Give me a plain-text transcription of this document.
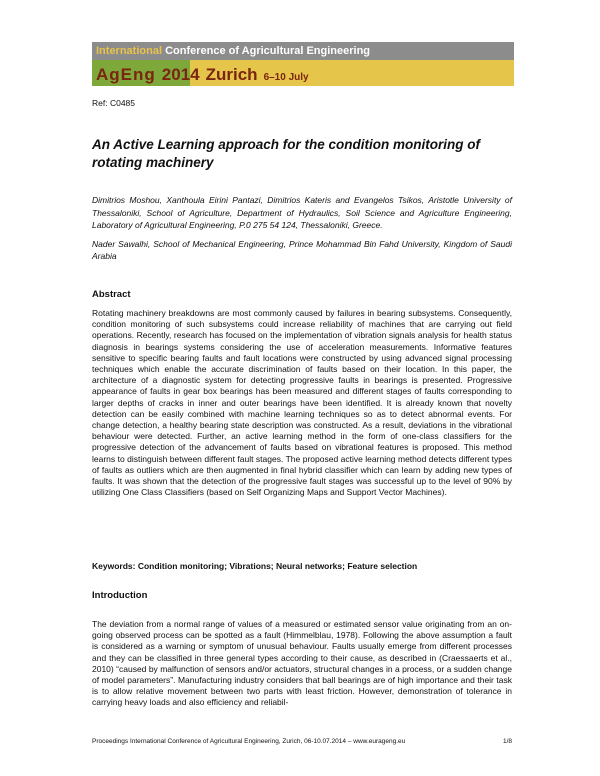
International Conference of Agricultural Engineering
AgEng 2014 Zurich 6–10 July
Ref: C0485
An Active Learning approach for the condition monitoring of rotating machinery

Dimitrios Moshou, Xanthoula Eirini Pantazi, Dimitrios Kateris and Evangelos Tsikos, Aristotle University of Thessaloniki, School of Agriculture, Department of Hydraulics, Soil Science and Agriculture Engineering, Laboratory of Agricultural Engineering, P.0 275 54 124, Thessaloniki, Greece.

Nader Sawalhi, School of Mechanical Engineering, Prince Mohammad Bin Fahd University, Kingdom of Saudi Arabia

Abstract

Rotating machinery breakdowns are most commonly caused by failures in bearing subsystems. Consequently, condition monitoring of such subsystems could increase reliability of machines that are carrying out field operations. Recently, research has focused on the implementation of vibration signals analysis for health status diagnosis in bearings systems considering the use of acceleration measurements. Informative features sensitive to specific bearing faults and fault locations were constructed by using advanced signal processing techniques which enable the accurate discrimination of faults based on their location. In this paper, the architecture of a diagnostic system for detecting progressive faults in bearings is presented. Progressive appearance of faults in gear box bearings has been measured and different stages of faults corresponding to larger depths of cracks in inner and outer bearings have been identified. It is already known that novelty detection can be easily combined with machine learning techniques so as to detect abnormal events. For change detection, a healthy bearing state description was constructed. As a result, deviations in the vibrational behaviour were detected. Further, an active learning method in the form of one-class classifiers for the progressive detection of the advancement of faults based on vibrational features is proposed. This method learns to distinguish between different fault stages. The proposed active learning method detects different types of faults as outliers which are then augmented in final hybrid classifier which can learn by adding new types of faults. It was shown that the detection of the progressive fault stages was successful up to the level of 90% by utilizing One Class Classifiers (based on Self Organizing Maps and Support Vector Machines).

Keywords: Condition monitoring; Vibrations; Neural networks; Feature selection

Introduction

The deviation from a normal range of values of a measured or estimated sensor value originating from an on-going observed process can be spotted as a fault (Himmelblau, 1978). Following the above assumption a fault is considered as a warning or symptom of unusual behaviour. Faults usually emerge from different processes and they can be classified in three general types according to their cause, as described in (Craessaerts et al., 2010) “caused by malfunction of sensors and/or actuators, structural changes in a process, or a sudden change of model parameters”. Manufacturing industry considers that ball bearings are of high importance and their task is to allow relative movement between two parts with least friction. However, demonstration of tolerance in carrying heavy loads and also efficiency and reliabil-

Proceedings International Conference of Agricultural Engineering, Zurich, 06-10.07.2014 – www.eurageng.eu	1/8
